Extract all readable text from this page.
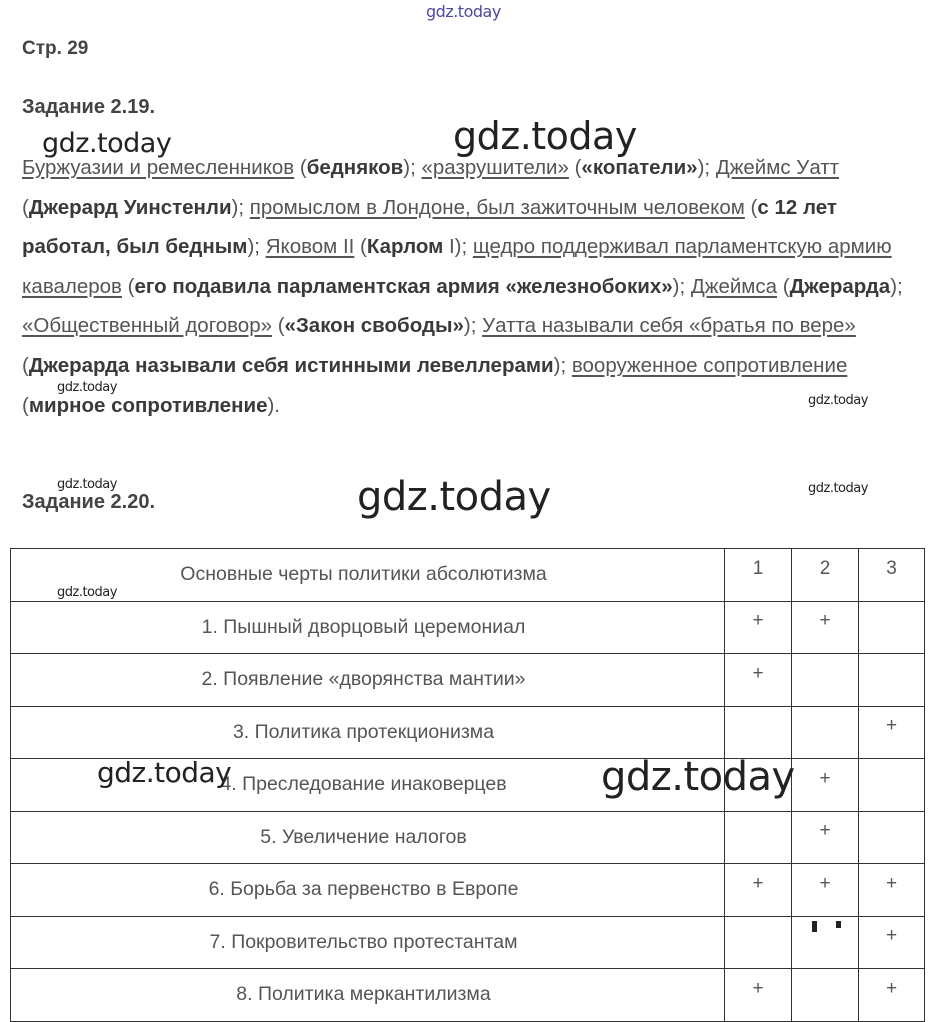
Стр. 29
Задание 2.19.
Буржуазии и ремесленников (бедняков); «разрушители» («копатели»); Джеймс Уатт (Джерард Уинстенли); промыслом в Лондоне, был зажиточным человеком (с 12 лет работал, был бедным); Яковом II (Карлом I); щедро поддерживал парламентскую армию кавалеров (его подавила парламентская армия «железнобоких»); Джеймса (Джерарда); «Общественный договор» («Закон свободы»); Уатта называли себя «братья по вере» (Джерарда называли себя истинными левеллерами); вооруженное сопротивление (мирное сопротивление).
Задание 2.20.
Основные черты политики абсолютизма	1	2	3
1. Пышный дворцовый церемониал	+	+	
2. Появление «дворянства мантии»	+		
3. Политика протекционизма			+
4. Преследование инаковерцев		+	
5. Увеличение налогов		+	
6. Борьба за первенство в Европе	+	+	+
7. Покровительство протестантам			+
8. Политика меркантилизма	+		+
gdz.today
gdz.today	gdz.today
gdz.today
gdz.today
gdz.today	gdz.today	gdz.today
gdz.today
gdz.today	gdz.today
